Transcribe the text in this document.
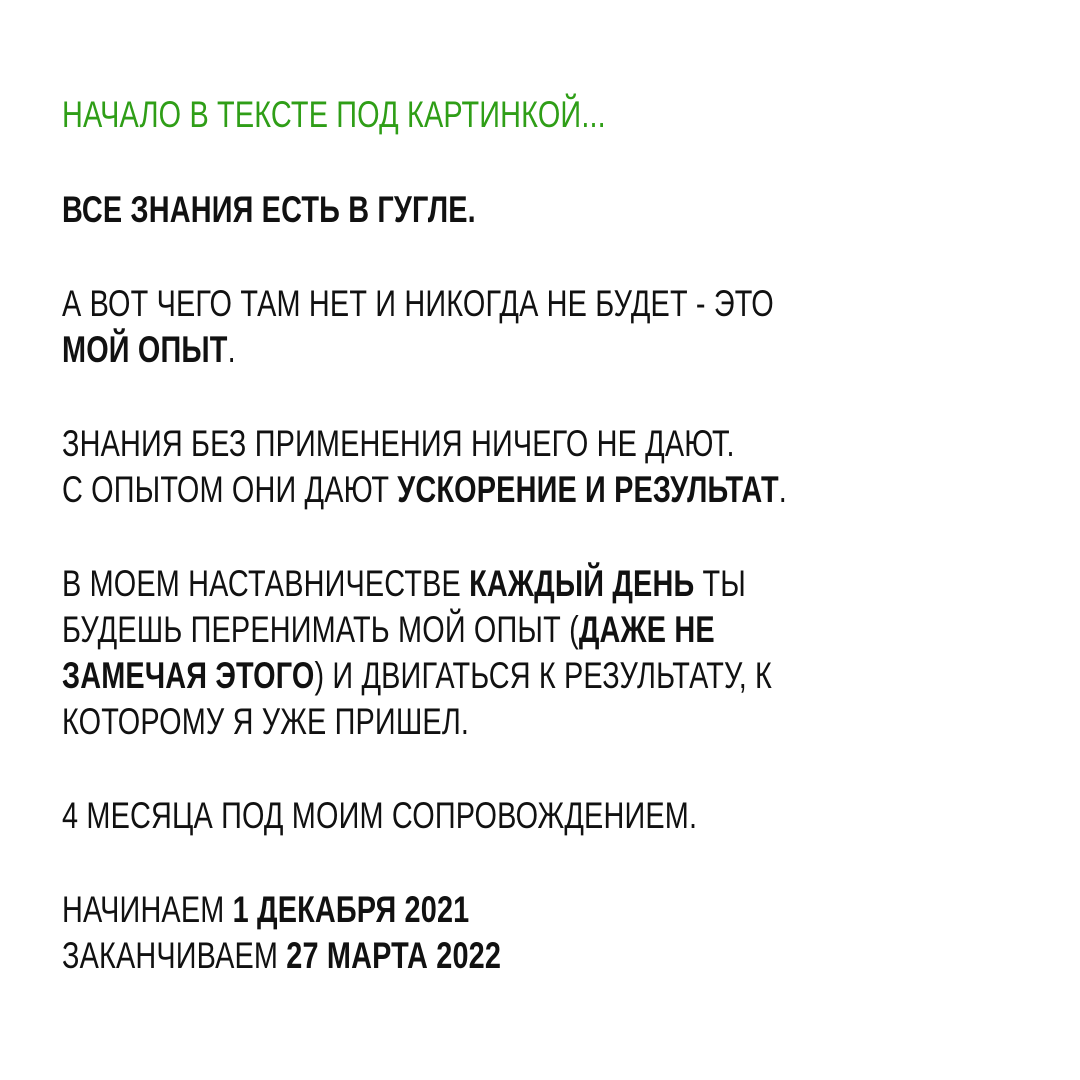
НАЧАЛО В ТЕКСТЕ ПОД КАРТИНКОЙ...

ВСЕ ЗНАНИЯ ЕСТЬ В ГУГЛЕ.

А ВОТ ЧЕГО ТАМ НЕТ И НИКОГДА НЕ БУДЕТ - ЭТО

МОЙ ОПЫТ.

ЗНАНИЯ БЕЗ ПРИМЕНЕНИЯ НИЧЕГО НЕ ДАЮТ.

С ОПЫТОМ ОНИ ДАЮТ УСКОРЕНИЕ И РЕЗУЛЬТАТ.

В МОЕМ НАСТАВНИЧЕСТВЕ КАЖДЫЙ ДЕНЬ ТЫ

БУДЕШЬ ПЕРЕНИМАТЬ МОЙ ОПЫТ (ДАЖЕ НЕ

ЗАМЕЧАЯ ЭТОГО) И ДВИГАТЬСЯ К РЕЗУЛЬТАТУ, К

КОТОРОМУ Я УЖЕ ПРИШЕЛ.

4 МЕСЯЦА ПОД МОИМ СОПРОВОЖДЕНИЕМ.

НАЧИНАЕМ 1 ДЕКАБРЯ 2021

ЗАКАНЧИВАЕМ 27 МАРТА 2022
